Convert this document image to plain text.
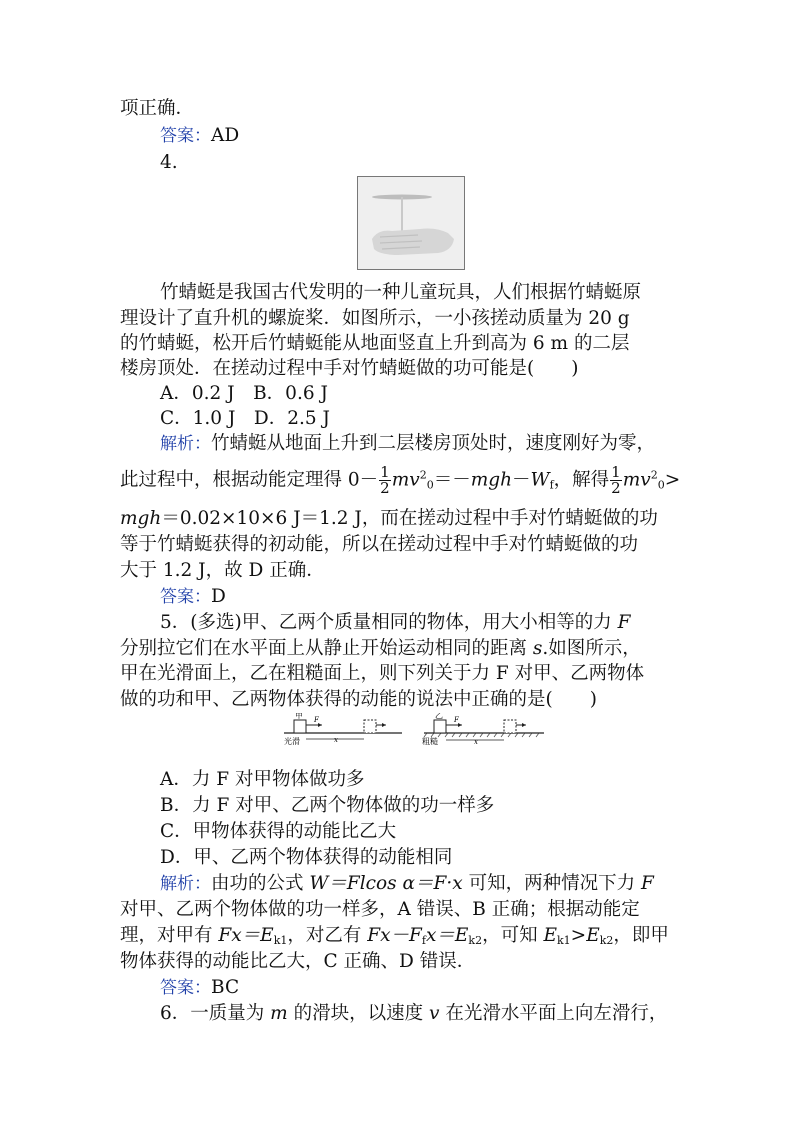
项正确．
答案：AD
4.
竹蜻蜓是我国古代发明的一种儿童玩具，人们根据竹蜻蜓原
理设计了直升机的螺旋桨．如图所示，一小孩搓动质量为 20 g
的竹蜻蜓，松开后竹蜻蜓能从地面竖直上升到高为 6 m 的二层
楼房顶处．在搓动过程中手对竹蜻蜓做的功可能是(　　)
A．0.2 J　B．0.6 J
C．1.0 J　D．2.5 J
解析：竹蜻蜓从地面上升到二层楼房顶处时，速度刚好为零，
此过程中，根据动能定理得 $0- \frac{1}{2} mv^2_0=-mgh-W_f$，解得 $\frac{1}{2} mv^2_0>$
mgh＝0.02×10×6 J＝1.2 J，而在搓动过程中手对竹蜻蜓做的功
等于竹蜻蜓获得的初动能，所以在搓动过程中手对竹蜻蜓做的功
大于 1.2 J，故 D 正确．
答案：D
5．(多选)甲、乙两个质量相同的物体，用大小相等的力 F
分别拉它们在水平面上从静止开始运动相同的距离 s.如图所示，
甲在光滑面上，乙在粗糙面上，则下列关于力 F 对甲、乙两物体
做的功和甲、乙两物体获得的动能的说法中正确的是(　　)
甲 F
x
光滑
乙 F
x
粗糙
A．力 F 对甲物体做功多
B．力 F 对甲、乙两个物体做的功一样多
C．甲物体获得的动能比乙大
D．甲、乙两个物体获得的动能相同
解析：由功的公式 W＝Flcos α＝F·x 可知，两种情况下力 F
对甲、乙两个物体做的功一样多，A 错误、B 正确；根据动能定
理，对甲有 $Fx=E_{k1}$，对乙有 $Fx-F_fx=E_{k2}$，可知 $E_{k1}>E_{k2}$，即甲
物体获得的动能比乙大，C 正确、D 错误．
答案：BC
6．一质量为 m 的滑块，以速度 v 在光滑水平面上向左滑行，
